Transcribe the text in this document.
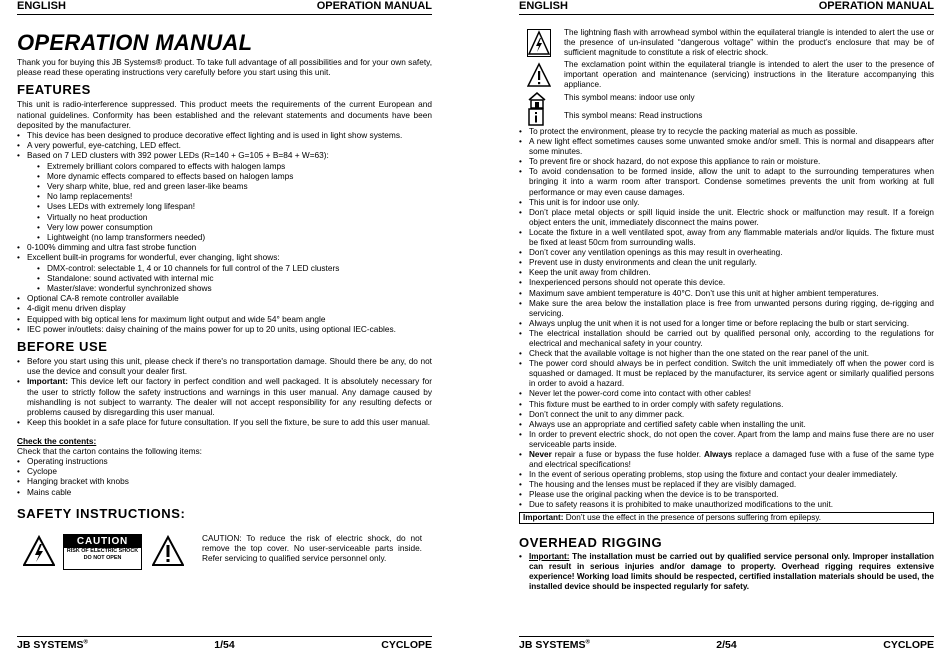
ENGLISH	OPERATION MANUAL
OPERATION MANUAL

Thank you for buying this JB Systems® product. To take full advantage of all possibilities and for your own safety, please read these operating instructions very carefully before you start using this unit.

FEATURES

This unit is radio-interference suppressed. This product meets the requirements of the current European and national guidelines. Conformity has been established and the relevant statements and documents have been deposited by the manufacturer.

• This device has been designed to produce decorative effect lighting and is used in light show systems.
• A very powerful, eye-catching, LED effect.
• Based on 7 LED clusters with 392 power LEDs (R=140 + G=105 + B=84 + W=63):
• Extremely brilliant colors compared to effects with halogen lamps
• More dynamic effects compared to effects based on halogen lamps
• Very sharp white, blue, red and green laser-like beams
• No lamp replacements!
• Uses LEDs with extremely long lifespan!
• Virtually no heat production
• Very low power consumption
• Lightweight (no lamp transformers needed)
• 0-100% dimming and ultra fast strobe function
• Excellent built-in programs for wonderful, ever changing, light shows:
• DMX-control: selectable 1, 4 or 10 channels for full control of the 7 LED clusters
• Standalone: sound activated with internal mic
• Master/slave: wonderful synchronized shows
• Optional CA-8 remote controller available
• 4-digit menu driven display
• Equipped with big optical lens for maximum light output and wide 54° beam angle
• IEC power in/outlets: daisy chaining of the mains power for up to 20 units, using optional IEC-cables.
BEFORE USE
• Before you start using this unit, please check if there's no transportation damage. Should there be any, do not use the device and consult your dealer first.
• Important: This device left our factory in perfect condition and well packaged. It is absolutely necessary for the user to strictly follow the safety instructions and warnings in this user manual. Any damage caused by mishandling is not subject to warranty. The dealer will not accept responsibility for any resulting defects or problems caused by disregarding this user manual.
• Keep this booklet in a safe place for future consultation. If you sell the fixture, be sure to add this user manual.
Check the contents:

Check that the carton contains the following items:

• Operating instructions
• Cyclope
• Hanging bracket with knobs
• Mains cable
SAFETY INSTRUCTIONS:
CAUTION
RISK OF ELECTRIC SHOCK
DO NOT OPEN
CAUTION: To reduce the risk of electric shock, do not remove the top cover. No user-serviceable parts inside. Refer servicing to qualified service personnel only.
JB SYSTEMS®	1/54	CYCLOPE
ENGLISH	OPERATION MANUAL

The lightning flash with arrowhead symbol within the equilateral triangle is intended to alert the use or the presence of un-insulated “dangerous voltage” within the product’s enclosure that may be of sufficient magnitude to constitute a risk of electric shock.

The exclamation point within the equilateral triangle is intended to alert the user to the presence of important operation and maintenance (servicing) instructions in the literature accompanying this appliance.

This symbol means: indoor use only

This symbol means: Read instructions

• To protect the environment, please try to recycle the packing material as much as possible.
• A new light effect sometimes causes some unwanted smoke and/or smell. This is normal and disappears after some minutes.
• To prevent fire or shock hazard, do not expose this appliance to rain or moisture.
• To avoid condensation to be formed inside, allow the unit to adapt to the surrounding temperatures when bringing it into a warm room after transport. Condense sometimes prevents the unit from working at full performance or may even cause damages.
• This unit is for indoor use only.
• Don’t place metal objects or spill liquid inside the unit. Electric shock or malfunction may result. If a foreign object enters the unit, immediately disconnect the mains power.
• Locate the fixture in a well ventilated spot, away from any flammable materials and/or liquids. The fixture must be fixed at least 50cm from surrounding walls.
• Don’t cover any ventilation openings as this may result in overheating.
• Prevent use in dusty environments and clean the unit regularly.
• Keep the unit away from children.
• Inexperienced persons should not operate this device.
• Maximum save ambient temperature is 40°C. Don’t use this unit at higher ambient temperatures.
• Make sure the area below the installation place is free from unwanted persons during rigging, de-rigging and servicing.
• Always unplug the unit when it is not used for a longer time or before replacing the bulb or start servicing.
• The electrical installation should be carried out by qualified personal only, according to the regulations for electrical and mechanical safety in your country.
• Check that the available voltage is not higher than the one stated on the rear panel of the unit.
• The power cord should always be in perfect condition. Switch the unit immediately off when the power cord is squashed or damaged. It must be replaced by the manufacturer, its service agent or similarly qualified persons in order to avoid a hazard.
• Never let the power-cord come into contact with other cables!
• This fixture must be earthed to in order comply with safety regulations.
• Don’t connect the unit to any dimmer pack.
• Always use an appropriate and certified safety cable when installing the unit.
• In order to prevent electric shock, do not open the cover. Apart from the lamp and mains fuse there are no user serviceable parts inside.
• Never repair a fuse or bypass the fuse holder. Always replace a damaged fuse with a fuse of the same type and electrical specifications!
• In the event of serious operating problems, stop using the fixture and contact your dealer immediately.
• The housing and the lenses must be replaced if they are visibly damaged.
• Please use the original packing when the device is to be transported.
• Due to safety reasons it is prohibited to make unauthorized modifications to the unit.
Important: Don’t use the effect in the presence of persons suffering from epilepsy.
OVERHEAD RIGGING
• Important: The installation must be carried out by qualified service personal only. Improper installation can result in serious injuries and/or damage to property. Overhead rigging requires extensive experience! Working load limits should be respected, certified installation materials should be used, the installed device should be inspected regularly for safety.
JB SYSTEMS®	2/54	CYCLOPE
